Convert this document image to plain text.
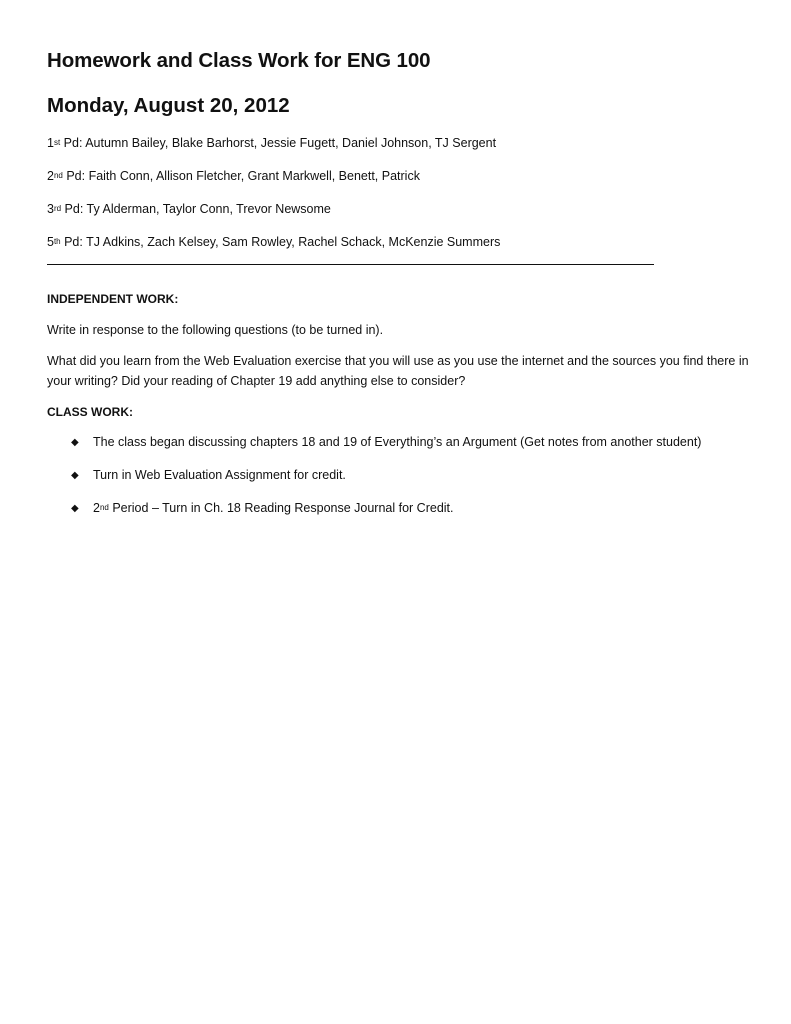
Homework and Class Work for ENG 100
Monday, August 20, 2012

1st Pd: Autumn Bailey, Blake Barhorst, Jessie Fugett, Daniel Johnson, TJ Sergent

2nd Pd: Faith Conn, Allison Fletcher, Grant Markwell, Benett, Patrick

3rd Pd: Ty Alderman, Taylor Conn, Trevor Newsome

5th Pd: TJ Adkins, Zach Kelsey, Sam Rowley, Rachel Schack, McKenzie Summers

INDEPENDENT WORK:

Write in response to the following questions (to be turned in).

What did you learn from the Web Evaluation exercise that you will use as you use the internet and the sources you find there in your writing? Did your reading of Chapter 19 add anything else to consider?

CLASS WORK:

◆ The class began discussing chapters 18 and 19 of Everything’s an Argument (Get notes from another student)
◆ Turn in Web Evaluation Assignment for credit.
◆ 2nd Period – Turn in Ch. 18 Reading Response Journal for Credit.
